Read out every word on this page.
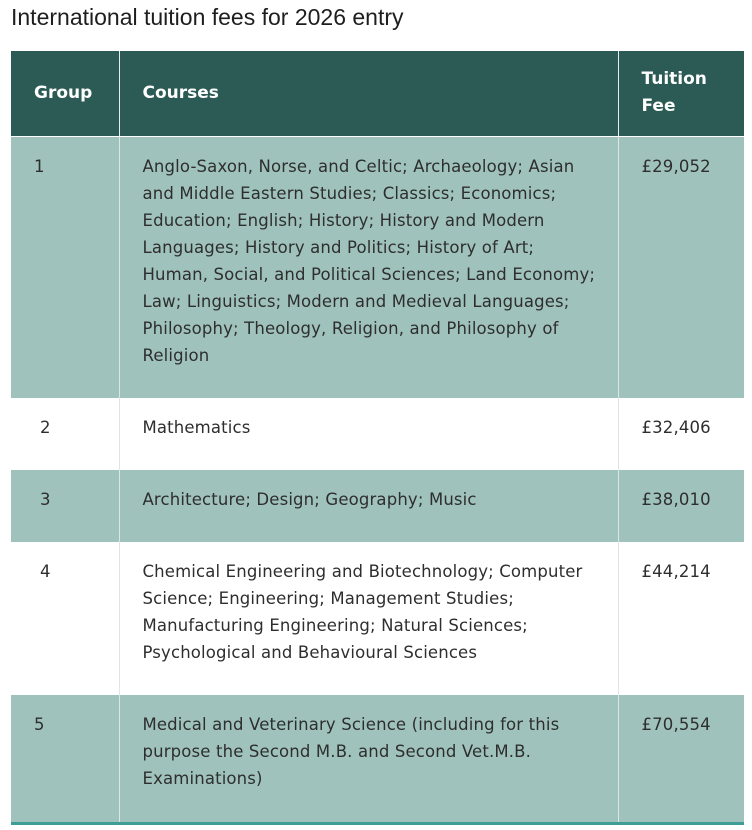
International tuition fees for 2026 entry
Group	Courses	Tuition Fee
1	Anglo-Saxon, Norse, and Celtic; Archaeology; Asian and Middle Eastern Studies; Classics; Economics; Education; English; History; History and Modern Languages; History and Politics; History of Art; Human, Social, and Political Sciences; Land Economy; Law; Linguistics; Modern and Medieval Languages; Philosophy; Theology, Religion, and Philosophy of Religion	£29,052
2	Mathematics	£32,406
3	Architecture; Design; Geography; Music	£38,010
4	Chemical Engineering and Biotechnology; Computer Science; Engineering; Management Studies; Manufacturing Engineering; Natural Sciences; Psychological and Behavioural Sciences	£44,214
5	Medical and Veterinary Science (including for this purpose the Second M.B. and Second Vet.M.B. Examinations)	£70,554
